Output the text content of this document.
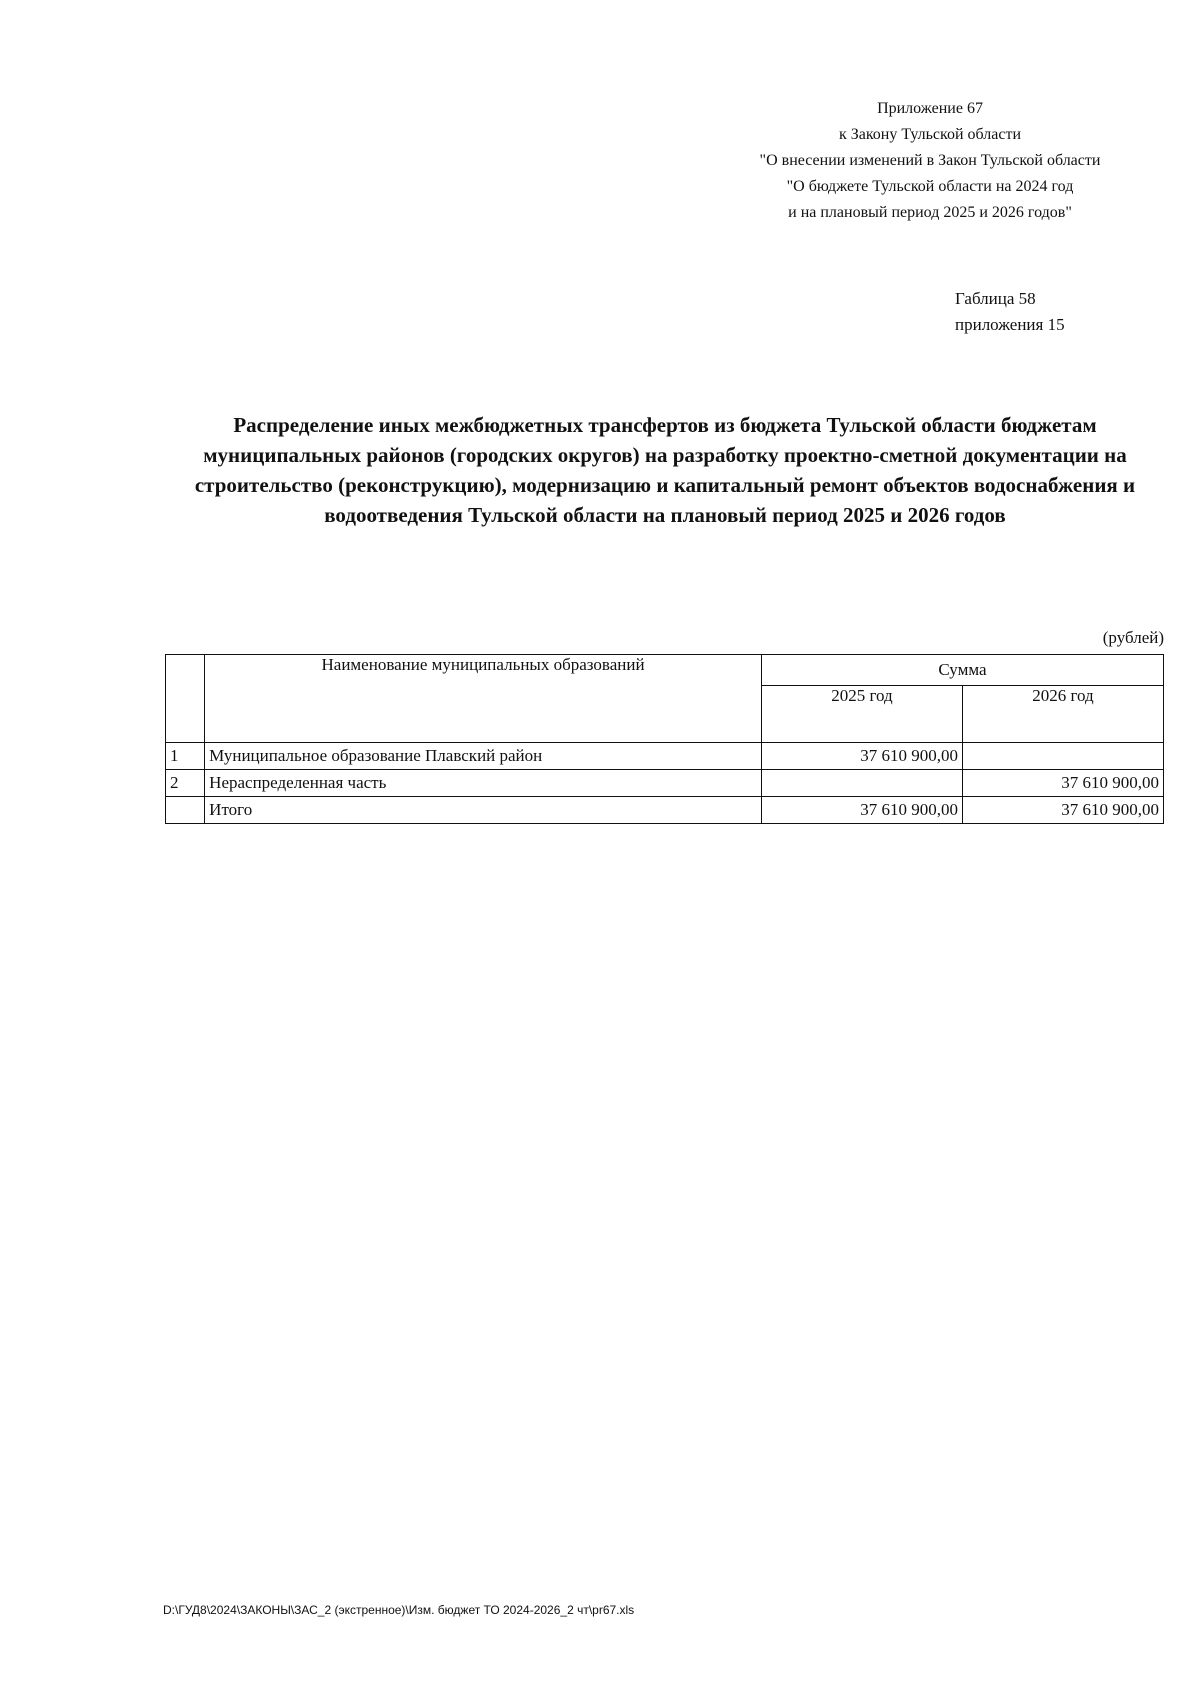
Приложение 67
к Закону Тульской области
"О внесении изменений в Закон Тульской области
"О бюджете Тульской области на 2024 год
и на плановый период 2025 и 2026 годов"
Габлица 58
приложения 15
Распределение иных межбюджетных трансфертов из бюджета Тульской области бюджетам муниципальных районов (городских округов) на разработку проектно-сметной документации на строительство (реконструкцию), модернизацию и капитальный ремонт объектов водоснабжения и водоотведения Тульской области на плановый период 2025 и 2026 годов
(рублей)
	Наименование муниципальных образований	Сумма	
		2025 год	2026 год
1	Муниципальное образование Плавский район	37 610 900,00	
2	Нераспределенная часть		37 610 900,00
	Итого	37 610 900,00	37 610 900,00
D:\ГУД8\2024\ЗАКОНЫ\ЗАС_2 (экстренное)\Изм. бюджет ТО 2024-2026_2 чт\pr67.xls
